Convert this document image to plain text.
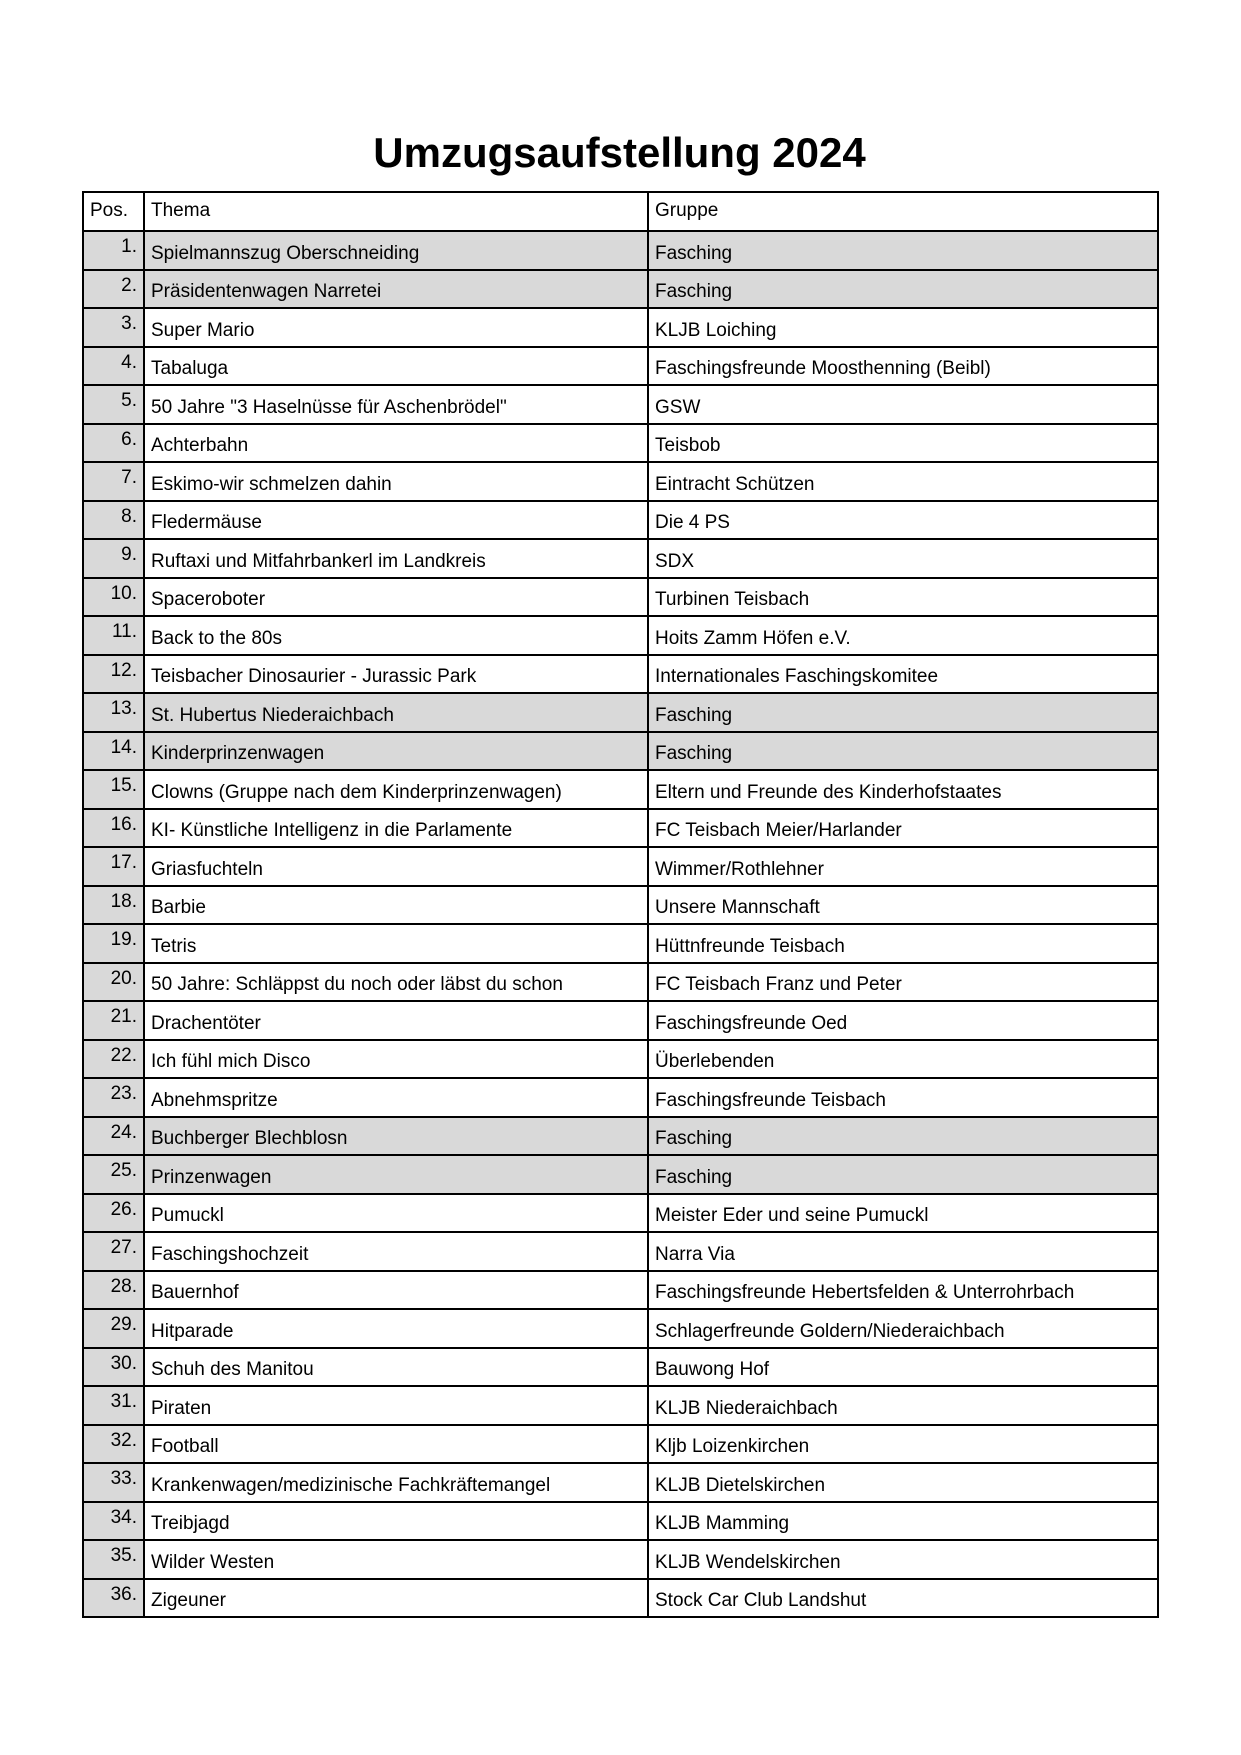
Umzugsaufstellung 2024
Pos.	Thema	Gruppe
1.	Spielmannszug Oberschneiding	Fasching
2.	Präsidentenwagen Narretei	Fasching
3.	Super Mario	KLJB Loiching
4.	Tabaluga	Faschingsfreunde Moosthenning (Beibl)
5.	50 Jahre "3 Haselnüsse für Aschenbrödel"	GSW
6.	Achterbahn	Teisbob
7.	Eskimo-wir schmelzen dahin	Eintracht Schützen
8.	Fledermäuse	Die 4 PS
9.	Ruftaxi und Mitfahrbankerl im Landkreis	SDX
10.	Spaceroboter	Turbinen Teisbach
11.	Back to the 80s	Hoits Zamm Höfen e.V.
12.	Teisbacher Dinosaurier - Jurassic Park	Internationales Faschingskomitee
13.	St. Hubertus Niederaichbach	Fasching
14.	Kinderprinzenwagen	Fasching
15.	Clowns (Gruppe nach dem Kinderprinzenwagen)	Eltern und Freunde des Kinderhofstaates
16.	KI- Künstliche Intelligenz in die Parlamente	FC Teisbach Meier/Harlander
17.	Griasfuchteln	Wimmer/Rothlehner
18.	Barbie	Unsere Mannschaft
19.	Tetris	Hüttnfreunde Teisbach
20.	50 Jahre: Schläppst du noch oder läbst du schon	FC Teisbach Franz und Peter
21.	Drachentöter	Faschingsfreunde Oed
22.	Ich fühl mich Disco	Überlebenden
23.	Abnehmspritze	Faschingsfreunde Teisbach
24.	Buchberger Blechblosn	Fasching
25.	Prinzenwagen	Fasching
26.	Pumuckl	Meister Eder und seine Pumuckl
27.	Faschingshochzeit	Narra Via
28.	Bauernhof	Faschingsfreunde Hebertsfelden & Unterrohrbach
29.	Hitparade	Schlagerfreunde Goldern/Niederaichbach
30.	Schuh des Manitou	Bauwong Hof
31.	Piraten	KLJB Niederaichbach
32.	Football	Kljb Loizenkirchen
33.	Krankenwagen/medizinische Fachkräftemangel	KLJB Dietelskirchen
34.	Treibjagd	KLJB Mamming
35.	Wilder Westen	KLJB Wendelskirchen
36.	Zigeuner	Stock Car Club Landshut
